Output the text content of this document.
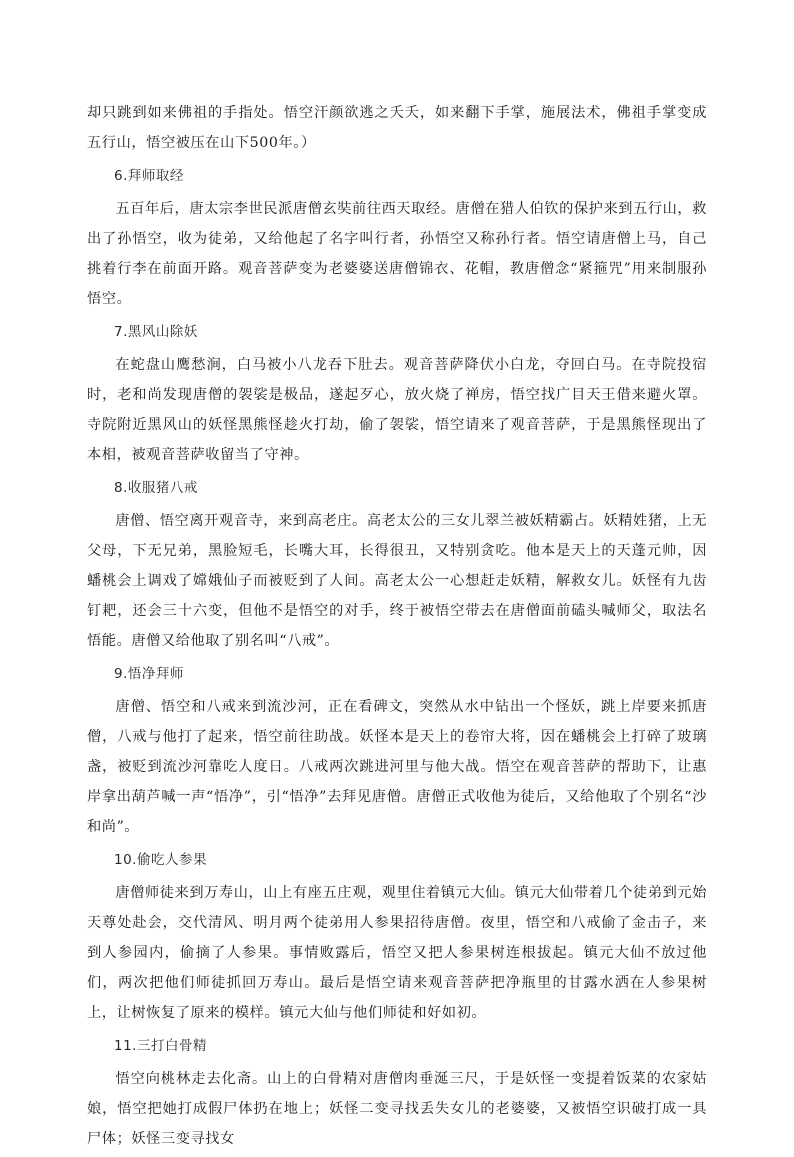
却只跳到如来佛祖的手指处。悟空汗颜欲逃之夭夭，如来翻下手掌，施展法术，佛祖手掌变成五行山，悟空被压在山下500年。）

6.拜师取经

五百年后，唐太宗李世民派唐僧玄奘前往西天取经。唐僧在猎人伯钦的保护来到五行山，救出了孙悟空，收为徒弟，又给他起了名字叫行者，孙悟空又称孙行者。悟空请唐僧上马，自己挑着行李在前面开路。观音菩萨变为老婆婆送唐僧锦衣、花帽，教唐僧念“紧箍咒”用来制服孙悟空。

7.黑风山除妖

在蛇盘山鹰愁涧，白马被小八龙吞下肚去。观音菩萨降伏小白龙，夺回白马。在寺院投宿时，老和尚发现唐僧的袈裟是极品，遂起歹心，放火烧了禅房，悟空找广目天王借来避火罩。寺院附近黑风山的妖怪黑熊怪趁火打劫，偷了袈裟，悟空请来了观音菩萨，于是黑熊怪现出了本相，被观音菩萨收留当了守神。

8.收服猪八戒

唐僧、悟空离开观音寺，来到高老庄。高老太公的三女儿翠兰被妖精霸占。妖精姓猪，上无父母，下无兄弟，黑脸短毛，长嘴大耳，长得很丑，又特别贪吃。他本是天上的天蓬元帅，因蟠桃会上调戏了嫦娥仙子而被贬到了人间。高老太公一心想赶走妖精，解救女儿。妖怪有九齿钉耙，还会三十六变，但他不是悟空的对手，终于被悟空带去在唐僧面前磕头喊师父，取法名悟能。唐僧又给他取了别名叫“八戒”。

9.悟净拜师

唐僧、悟空和八戒来到流沙河，正在看碑文，突然从水中钻出一个怪妖，跳上岸要来抓唐僧，八戒与他打了起来，悟空前往助战。妖怪本是天上的卷帘大将，因在蟠桃会上打碎了玻璃盏，被贬到流沙河靠吃人度日。八戒两次跳进河里与他大战。悟空在观音菩萨的帮助下，让惠岸拿出葫芦喊一声“悟净”，引“悟净”去拜见唐僧。唐僧正式收他为徒后，又给他取了个别名“沙和尚”。

10.偷吃人参果

唐僧师徒来到万寿山，山上有座五庄观，观里住着镇元大仙。镇元大仙带着几个徒弟到元始天尊处赴会，交代清风、明月两个徒弟用人参果招待唐僧。夜里，悟空和八戒偷了金击子，来到人参园内，偷摘了人参果。事情败露后，悟空又把人参果树连根拔起。镇元大仙不放过他们，两次把他们师徒抓回万寿山。最后是悟空请来观音菩萨把净瓶里的甘露水洒在人参果树上，让树恢复了原来的模样。镇元大仙与他们师徒和好如初。

11.三打白骨精

悟空向桃林走去化斋。山上的白骨精对唐僧肉垂涎三尺，于是妖怪一变提着饭菜的农家姑娘，悟空把她打成假尸体扔在地上；妖怪二变寻找丢失女儿的老婆婆，又被悟空识破打成一具尸体；妖怪三变寻找女
